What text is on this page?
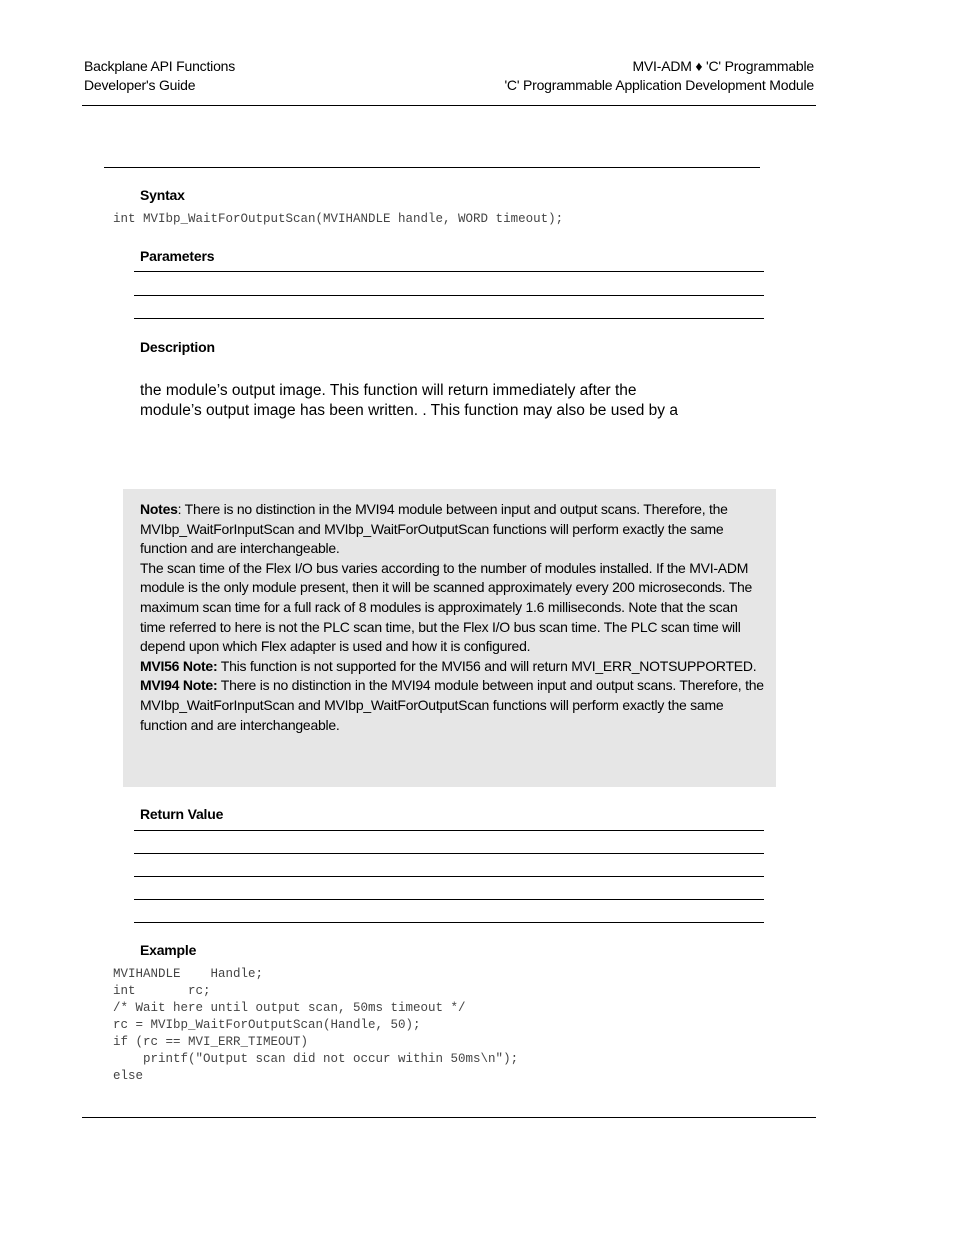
Backplane API Functions
Developer's Guide
MVI-ADM ♦ 'C' Programmable
'C' Programmable Application Development Module
Syntax
int MVIbp_WaitForOutputScan(MVIHANDLE handle, WORD timeout);
Parameters
Description
the module’s output image. This function will return immediately after the
module’s output image has been written. . This function may also be used by a

Notes: There is no distinction in the MVI94 module between input and output scans. Therefore, the MVIbp_WaitForInputScan and MVIbp_WaitForOutputScan functions will perform exactly the same function and are interchangeable.

The scan time of the Flex I/O bus varies according to the number of modules installed. If the MVI-ADM module is the only module present, then it will be scanned approximately every 200 microseconds. The maximum scan time for a full rack of 8 modules is approximately 1.6 milliseconds. Note that the scan time referred to here is not the PLC scan time, but the Flex I/O bus scan time. The PLC scan time will depend upon which Flex adapter is used and how it is configured.

MVI56 Note: This function is not supported for the MVI56 and will return MVI_ERR_NOTSUPPORTED.

MVI94 Note: There is no distinction in the MVI94 module between input and output scans. Therefore, the MVIbp_WaitForInputScan and MVIbp_WaitForOutputScan functions will perform exactly the same function and are interchangeable.

Return Value
Example
MVIHANDLE    Handle;
int       rc;
/* Wait here until output scan, 50ms timeout */
rc = MVIbp_WaitForOutputScan(Handle, 50);
if (rc == MVI_ERR_TIMEOUT)
printf("Output scan did not occur within 50ms\n");
else
